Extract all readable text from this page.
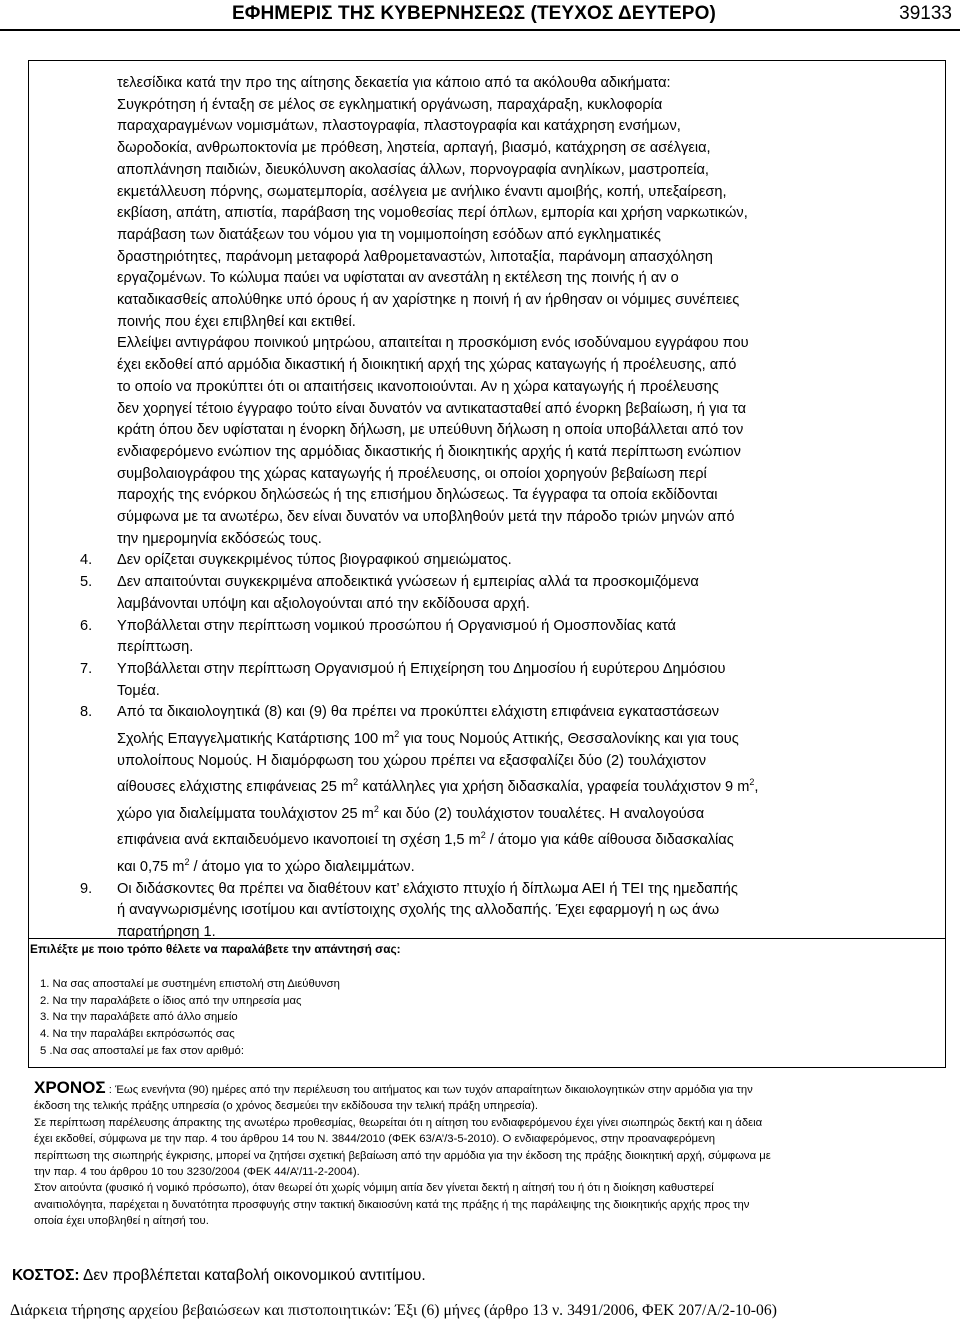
ΕΦΗΜΕΡΙΣ ΤΗΣ ΚΥΒΕΡΝΗΣΕΩΣ (ΤΕΥΧΟΣ ΔΕΥΤΕΡΟ)	39133
τελεσίδικα κατά την προ της αίτησης δεκαετία για κάποιο από τα ακόλουθα αδικήματα:
Συγκρότηση ή ένταξη σε μέλος σε εγκληματική οργάνωση, παραχάραξη, κυκλοφορία
παραχαραγμένων νομισμάτων, πλαστογραφία, πλαστογραφία και κατάχρηση ενσήμων,
δωροδοκία, ανθρωποκτονία με πρόθεση, ληστεία, αρπαγή, βιασμό, κατάχρηση σε ασέλγεια,
αποπλάνηση παιδιών, διευκόλυνση ακολασίας άλλων, πορνογραφία ανηλίκων, μαστροπεία,
εκμετάλλευση πόρνης, σωματεμπορία, ασέλγεια με ανήλικο έναντι αμοιβής, κοπή, υπεξαίρεση,
εκβίαση, απάτη, απιστία, παράβαση της νομοθεσίας περί όπλων, εμπορία και χρήση ναρκωτικών,
παράβαση των διατάξεων του νόμου για τη νομιμοποίηση εσόδων από εγκληματικές
δραστηριότητες, παράνομη μεταφορά λαθρομεταναστών, λιποταξία, παράνομη απασχόληση
εργαζομένων. Το κώλυμα παύει να υφίσταται αν ανεστάλη η εκτέλεση της ποινής ή αν ο
καταδικασθείς απολύθηκε υπό όρους ή αν χαρίστηκε η ποινή ή αν ήρθησαν οι νόμιμες συνέπειες
ποινής που έχει επιβληθεί και εκτιθεί.
Ελλείψει αντιγράφου ποινικού μητρώου, απαιτείται η προσκόμιση ενός ισοδύναμου εγγράφου που
έχει εκδοθεί από αρμόδια δικαστική ή διοικητική αρχή της χώρας καταγωγής ή προέλευσης, από
το οποίο να προκύπτει ότι οι απαιτήσεις ικανοποιούνται. Αν η χώρα καταγωγής ή προέλευσης
δεν χορηγεί τέτοιο έγγραφο τούτο είναι δυνατόν να αντικατασταθεί από ένορκη βεβαίωση, ή για τα
κράτη όπου δεν υφίσταται η ένορκη δήλωση, με υπεύθυνη δήλωση η οποία υποβάλλεται από τον
ενδιαφερόμενο ενώπιον της αρμόδιας δικαστικής ή διοικητικής αρχής ή κατά περίπτωση ενώπιον
συμβολαιογράφου της χώρας καταγωγής ή προέλευσης, οι οποίοι χορηγούν βεβαίωση περί
παροχής της ενόρκου δηλώσεώς ή της επισήμου δηλώσεως. Τα έγγραφα τα οποία εκδίδονται
σύμφωνα με τα ανωτέρω, δεν είναι δυνατόν να υποβληθούν μετά την πάροδο τριών μηνών από
την ημερομηνία εκδόσεώς τους.
4. Δεν ορίζεται συγκεκριμένος τύπος βιογραφικού σημειώματος.
5. Δεν απαιτούνται συγκεκριμένα αποδεικτικά γνώσεων ή εμπειρίας αλλά τα προσκομιζόμενα
λαμβάνονται υπόψη και αξιολογούνται από την εκδίδουσα αρχή.
6. Υποβάλλεται στην περίπτωση νομικού προσώπου ή Οργανισμού ή Ομοσπονδίας κατά
περίπτωση.
7. Υποβάλλεται στην περίπτωση Οργανισμού ή Επιχείρηση του Δημοσίου ή ευρύτερου Δημόσιου
Τομέα.
8. Από τα δικαιολογητικά (8) και (9) θα πρέπει να προκύπτει ελάχιστη επιφάνεια εγκαταστάσεων
Σχολής Επαγγελματικής Κατάρτισης 100 $m^2$ για τους Νομούς Αττικής, Θεσσαλονίκης και για τους
υπολοίπους Νομούς. Η διαμόρφωση του χώρου πρέπει να εξασφαλίζει δύο (2) τουλάχιστον
αίθουσες ελάχιστης επιφάνειας 25 $m^2$ κατάλληλες για χρήση διδασκαλία, γραφεία τουλάχιστον 9 $m^2$,
χώρο για διαλείμματα τουλάχιστον 25 $m^2$ και δύο (2) τουλάχιστον τουαλέτες. Η αναλογούσα
επιφάνεια ανά εκπαιδευόμενο ικανοποιεί τη σχέση 1,5 $m^2$ / άτομο για κάθε αίθουσα διδασκαλίας
και 0,75 $m^2$ / άτομο για το χώρο διαλειμμάτων.
9. Οι διδάσκοντες θα πρέπει να διαθέτουν κατ’ ελάχιστο πτυχίο ή δίπλωμα ΑΕΙ ή ΤΕΙ της ημεδαπής
ή αναγνωρισμένης ισοτίμου και αντίστοιχης σχολής της αλλοδαπής. Έχει εφαρμογή η ως άνω
παρατήρηση 1.
Επιλέξτε με ποιο τρόπο θέλετε να παραλάβετε την απάντησή σας:
1. Να σας αποσταλεί με συστημένη επιστολή στη Διεύθυνση
2. Να την παραλάβετε ο ίδιος από την υπηρεσία μας
3. Να την παραλάβετε από άλλο σημείο
4. Να την παραλάβει εκπρόσωπός σας
5 .Να σας αποσταλεί με fax στον αριθμό:
ΧΡΟΝΟΣ : Έως ενενήντα (90) ημέρες από την περιέλευση του αιτήματος και των τυχόν απαραίτητων δικαιολογητικών στην αρμόδια για την
έκδοση της τελικής πράξης υπηρεσία (ο χρόνος δεσμεύει την εκδίδουσα την τελική πράξη υπηρεσία).
Σε περίπτωση παρέλευσης άπρακτης της ανωτέρω προθεσμίας, θεωρείται ότι η αίτηση του ενδιαφερόμενου έχει γίνει σιωπηρώς δεκτή και η άδεια
έχει εκδοθεί, σύμφωνα με την παρ. 4 του άρθρου 14 του Ν. 3844/2010 (ΦΕΚ 63/Α’/3-5-2010). Ο ενδιαφερόμενος, στην προαναφερόμενη
περίπτωση της σιωπηρής έγκρισης, μπορεί να ζητήσει σχετική βεβαίωση από την αρμόδια για την έκδοση της πράξης διοικητική αρχή, σύμφωνα με
την παρ. 4 του άρθρου 10 του 3230/2004 (ΦΕΚ 44/Α’/11-2-2004).
Στον αιτούντα (φυσικό ή νομικό πρόσωπο), όταν θεωρεί ότι χωρίς νόμιμη αιτία δεν γίνεται δεκτή η αίτησή του ή ότι η διοίκηση καθυστερεί
αναιτιολόγητα, παρέχεται η δυνατότητα προσφυγής στην τακτική δικαιοσύνη κατά της πράξης ή της παράλειψης της διοικητικής αρχής προς την
οποία έχει υποβληθεί η αίτησή του.
ΚΟΣΤΟΣ: Δεν προβλέπεται καταβολή οικονομικού αντιτίμου.
Διάρκεια τήρησης αρχείου βεβαιώσεων και πιστοποιητικών: Έξι (6) μήνες (άρθρο 13 ν. 3491/2006, ΦΕΚ 207/Α/2-10-06)
